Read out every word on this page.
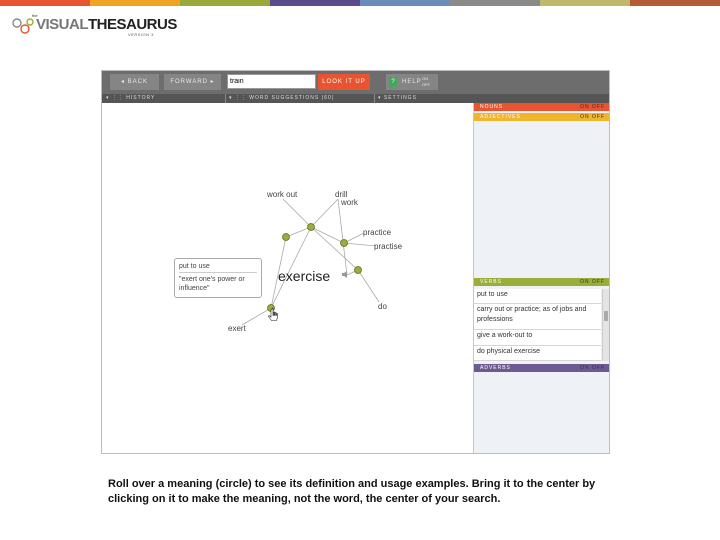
the
VISUALTHESAURUS
VERSION 3
◂ BACK	FORWARD ▸
train	LOOK IT UP	?	HELP
ON OFF
▾ ⋮⋮ HISTORY	▾ ⋮⋮ WORD SUGGESTIONS (60)	▾ SETTINGS
work out	drill
work
practice
practise
do
exert
exercise
put to use
"exert one's power or influence"
NOUNS	ON OFF
ADJECTIVES	ON OFF
VERBS	ON OFF
put to use
carry out or practice; as of jobs and professions
give a work-out to
do physical exercise
ADVERBS	ON OFF
Roll over a meaning (circle) to see its definition and usage examples. Bring it to the center by clicking on it to make the meaning, not the word, the center of your search.
